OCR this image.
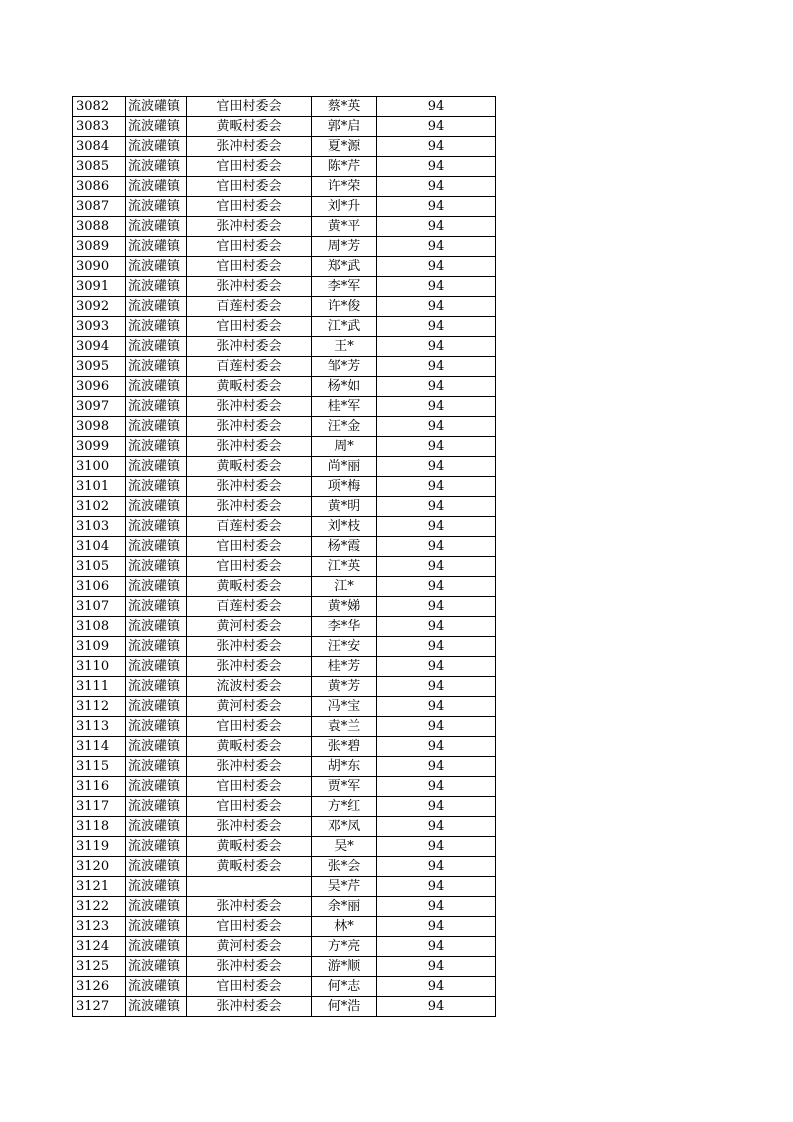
3082	流波礶镇	官田村委会	蔡*英	94
3083	流波礶镇	黄畈村委会	郭*启	94
3084	流波礶镇	张冲村委会	夏*源	94
3085	流波礶镇	官田村委会	陈*芹	94
3086	流波礶镇	官田村委会	许*荣	94
3087	流波礶镇	官田村委会	刘*升	94
3088	流波礶镇	张冲村委会	黄*平	94
3089	流波礶镇	官田村委会	周*芳	94
3090	流波礶镇	官田村委会	郑*武	94
3091	流波礶镇	张冲村委会	李*军	94
3092	流波礶镇	百莲村委会	许*俊	94
3093	流波礶镇	官田村委会	江*武	94
3094	流波礶镇	张冲村委会	王*	94
3095	流波礶镇	百莲村委会	邹*芳	94
3096	流波礶镇	黄畈村委会	杨*如	94
3097	流波礶镇	张冲村委会	桂*军	94
3098	流波礶镇	张冲村委会	汪*金	94
3099	流波礶镇	张冲村委会	周*	94
3100	流波礶镇	黄畈村委会	尚*丽	94
3101	流波礶镇	张冲村委会	项*梅	94
3102	流波礶镇	张冲村委会	黄*明	94
3103	流波礶镇	百莲村委会	刘*枝	94
3104	流波礶镇	官田村委会	杨*霞	94
3105	流波礶镇	官田村委会	江*英	94
3106	流波礶镇	黄畈村委会	江*	94
3107	流波礶镇	百莲村委会	黄*娣	94
3108	流波礶镇	黄河村委会	李*华	94
3109	流波礶镇	张冲村委会	汪*安	94
3110	流波礶镇	张冲村委会	桂*芳	94
3111	流波礶镇	流波村委会	黄*芳	94
3112	流波礶镇	黄河村委会	冯*宝	94
3113	流波礶镇	官田村委会	袁*兰	94
3114	流波礶镇	黄畈村委会	张*碧	94
3115	流波礶镇	张冲村委会	胡*东	94
3116	流波礶镇	官田村委会	贾*军	94
3117	流波礶镇	官田村委会	方*红	94
3118	流波礶镇	张冲村委会	邓*凤	94
3119	流波礶镇	黄畈村委会	吴*	94
3120	流波礶镇	黄畈村委会	张*会	94
3121	流波礶镇		吴*芹	94
3122	流波礶镇	张冲村委会	余*丽	94
3123	流波礶镇	官田村委会	林*	94
3124	流波礶镇	黄河村委会	方*亮	94
3125	流波礶镇	张冲村委会	游*顺	94
3126	流波礶镇	官田村委会	何*志	94
3127	流波礶镇	张冲村委会	何*浩	94
